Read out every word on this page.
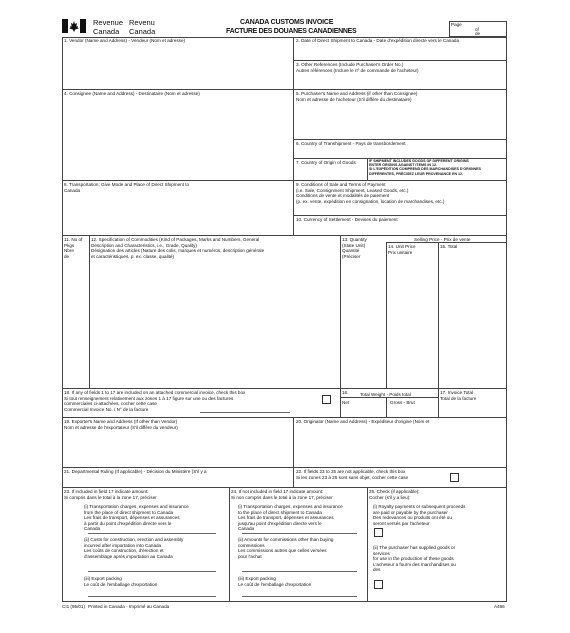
Revenue Revenu
Canada Canada
CANADA CUSTOMS INVOICE
FACTURE DES DOUANES CANADIENNES
Page
of
de
1. Vendor (Name and Address) - Vendeur (Nom et adresse)	2. Date of Direct Shipment to Canada - Date d'expédition directe vers le Canada
3. Other References (Include Purchaser's Order No.)
Autres références (Inclure le nº de commande de l'acheteur)
4. Consignee (Name and Address) - Destinataire (Nom et adresse)	5. Purchaser's Name and Address (if other than Consignee)
Nom et adresse de l'acheteur (S'il diffère du destinataire)
6. Country of Transhipment - Pays de transbordement
7. Country of Origin of Goods	IF SHIPMENT INCLUDES GOODS OF DIFFERENT ORIGINS
ENTER ORIGINS AGAINST ITEMS IN 12.
SI L'EXPÉDITION COMPREND DES MARCHANDISES D'ORIGINES
DIFFÉRENTES, PRÉCISEZ LEUR PROVENANCE EN 12.
8. Transportation: Give Mode and Place of Direct Shipment to
Canada
9. Conditions of Sale and Terms of Payment
(i.e. Sale, Consignment Shipment, Leased Goods, etc.)
Conditions de vente et modalités de paiement
(p. ex. vente, expédition en consignation, location de marchandises, etc.)
10. Currency of Settlement - Devises du paiement
11. No of
Pkgs
Nbre
de
12. Specification of Commodities (Kind of Packages, Marks and Numbers, General
Description and Characteristics, i.e., Grade, Quality)
Désignation des articles (Nature des colis, marques et numéros, description générale
et caractéristiques, p. ex. classe, qualité)
13. Quantity
(State Unit)
Quantité
(Préciser
Selling Price - Prix de vente
14. Unit Price
Prix unitaire
15. Total
18. If any of fields 1 to 17 are included on an attached commercial invoice, check this box
Si tout renseignement relativement aux zones 1 à 17 figure sur une ou des factures
commerciales ci-attachées, cocher cette case
Commercial Invoice No. / N° de la facture
16.	Total Weight - Poids total
Net	Gross - Brut
17. Invoice Total
Total de la facture
19. Exporter's Name and Address (If other than Vendor)
Nom et adresse de l'exportateur (S'il diffère du vendeur)
20. Originator (Name and Address) - Expéditeur d'origine (Nom et
21. Departmental Ruling (If applicable) - Décision du Ministère (S'il y a	22. If fields 23 to 25 are not applicable, check this box
Si les zones 23 à 25 sont sans objet, cocher cette case
23. If included in field 17 indicate amount:
Si compris dans le total à la zone 17, préciser
(i) Transportation charges, expenses and insurance
from the place of direct shipment to Canada
Les frais de transport, dépenses et assurances
à partir du point d'expédition directe vers le
Canada
(ii) Costs for construction, erection and assembly
incurred after importation into Canada
Les coûts de construction, d'érection et
d'assemblage après importation au Canada
(iii) Export packing
Le coût de l'emballage d'exportation
24. If not included in field 17 indicate amount:
Si non compris dans le total à la zone 17, préciser
(i) Transportation charges, expenses and insurance
to the place of direct shipment to Canada
Les frais de transport, dépenses et assurances
jusqu'au point d'expédition directe vers le
Canada
(ii) Amounts for commissions other than buying
commissions
Les commissions autres que celles versées
pour l'achat
(iii) Export packing
Le coût de l'emballage d'exportation
25. Check (if applicable):
Cocher (s'il y a lieu):
(i) Royalty payments or subsequent proceeds
are paid or payable by the purchaser
Des redevances ou produits ont été ou
seront versés par l'acheteur
(ii) The purchaser has supplied goods or
services
for use in the production of these goods
L'acheteur a fourni des marchandises ou
des
CI1 (95/01) Printed in Canada - Imprimé au Canada	A466
